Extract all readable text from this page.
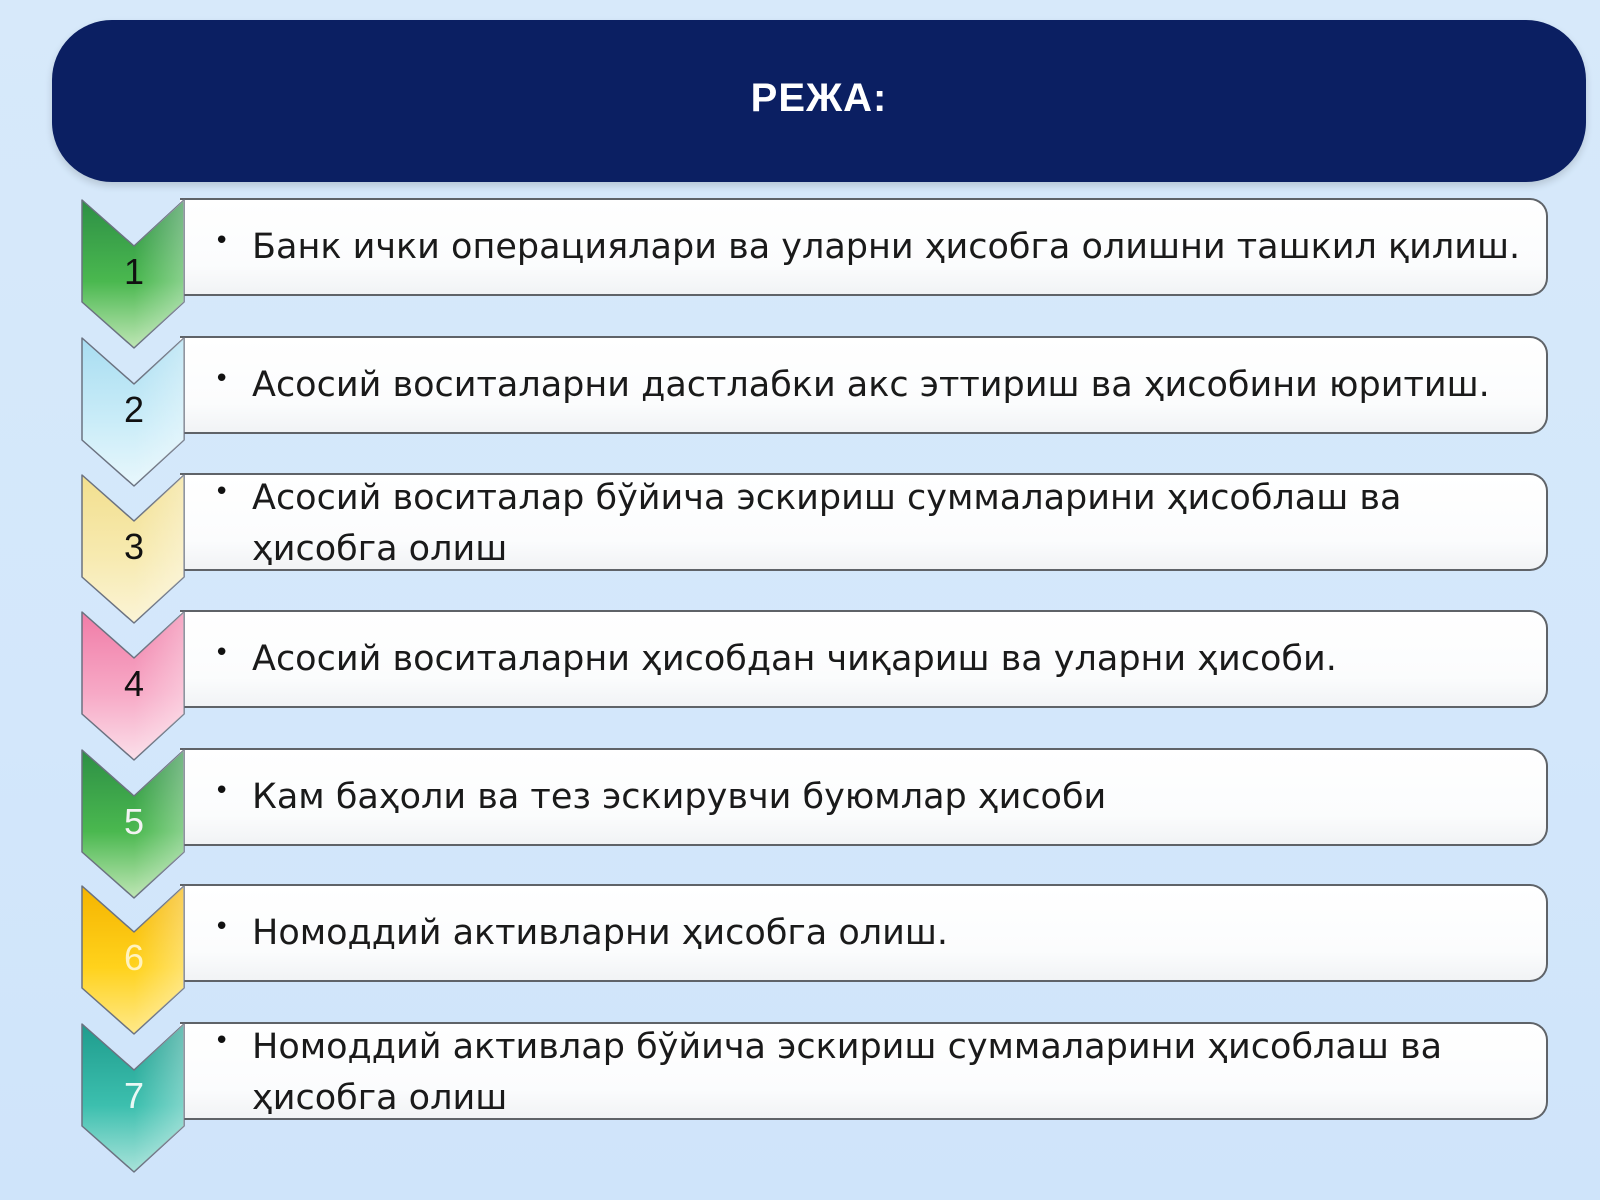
РЕЖА:
• Банк ички операциялари ва уларни ҳисобга олишни ташкил қилиш.
1
• Асосий воситаларни дастлабки акс эттириш ва ҳисобини юритиш.
2
• Асосий воситалар бўйича эскириш суммаларини ҳисоблаш ва ҳисобга олиш
3
• Асосий воситаларни ҳисобдан чиқариш ва уларни ҳисоби.
4
• Кам баҳоли ва тез эскирувчи буюмлар ҳисоби
5
• Номоддий активларни ҳисобга олиш.
6
• Номоддий активлар бўйича эскириш суммаларини ҳисоблаш ва ҳисобга олиш
7
